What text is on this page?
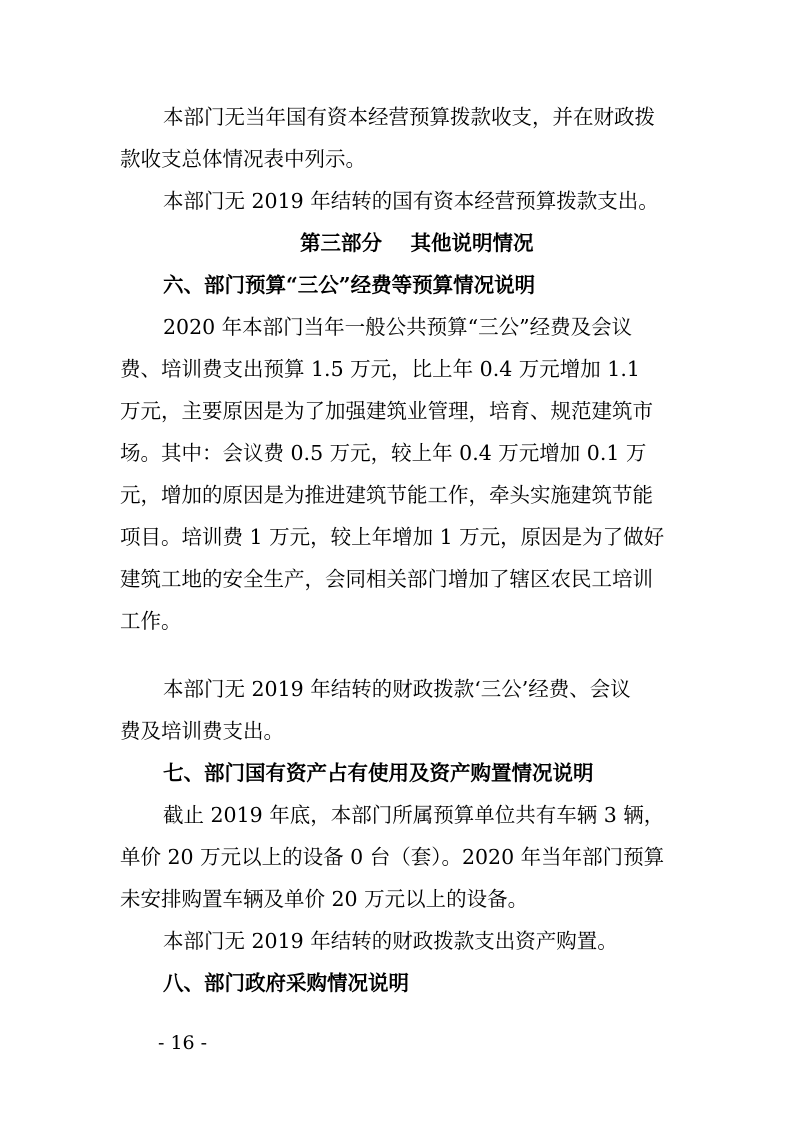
本部门无当年国有资本经营预算拨款收支，并在财政拨
款收支总体情况表中列示。
本部门无 2019 年结转的国有资本经营预算拨款支出。
第三部分    其他说明情况
六、部门预算“三公”经费等预算情况说明
2020 年本部门当年一般公共预算“三公”经费及会议
费、培训费支出预算 1.5 万元，比上年 0.4 万元增加 1.1
万元，主要原因是为了加强建筑业管理，培育、规范建筑市
场。其中：会议费 0.5 万元，较上年 0.4 万元增加 0.1 万
元，增加的原因是为推进建筑节能工作，牵头实施建筑节能
项目。培训费 1 万元，较上年增加 1 万元，原因是为了做好
建筑工地的安全生产，会同相关部门增加了辖区农民工培训
工作。
本部门无 2019 年结转的财政拨款‘三公’经费、会议
费及培训费支出。
七、部门国有资产占有使用及资产购置情况说明
截止 2019 年底，本部门所属预算单位共有车辆 3 辆，
单价 20 万元以上的设备 0 台（套）。2020 年当年部门预算
未安排购置车辆及单价 20 万元以上的设备。
本部门无 2019 年结转的财政拨款支出资产购置。
八、部门政府采购情况说明
- 16 -
